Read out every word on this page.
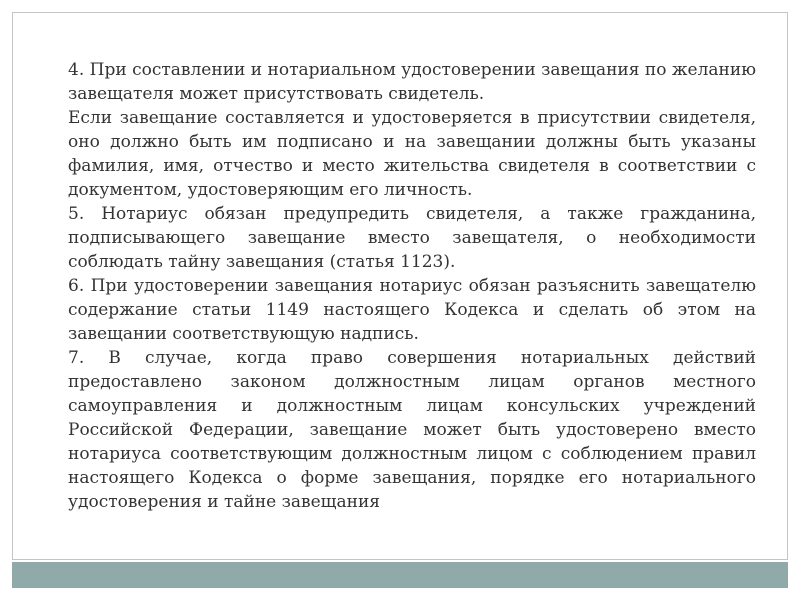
4. При составлении и нотариальном удостоверении завещания по желанию завещателя может присутствовать свидетель.

Если завещание составляется и удостоверяется в присутствии свидетеля, оно должно быть им подписано и на завещании должны быть указаны фамилия, имя, отчество и место жительства свидетеля в соответствии с документом, удостоверяющим его личность.

5. Нотариус обязан предупредить свидетеля, а также гражданина, подписывающего завещание вместо завещателя, о необходимости соблюдать тайну завещания (статья 1123).

6. При удостоверении завещания нотариус обязан разъяснить завещателю содержание статьи 1149 настоящего Кодекса и сделать об этом на завещании соответствующую надпись.

7. В случае, когда право совершения нотариальных действий предоставлено законом должностным лицам органов местного самоуправления и должностным лицам консульских учреждений Российской Федерации, завещание может быть удостоверено вместо нотариуса соответствующим должностным лицом с соблюдением правил настоящего Кодекса о форме завещания, порядке его нотариального удостоверения и тайне завещания
